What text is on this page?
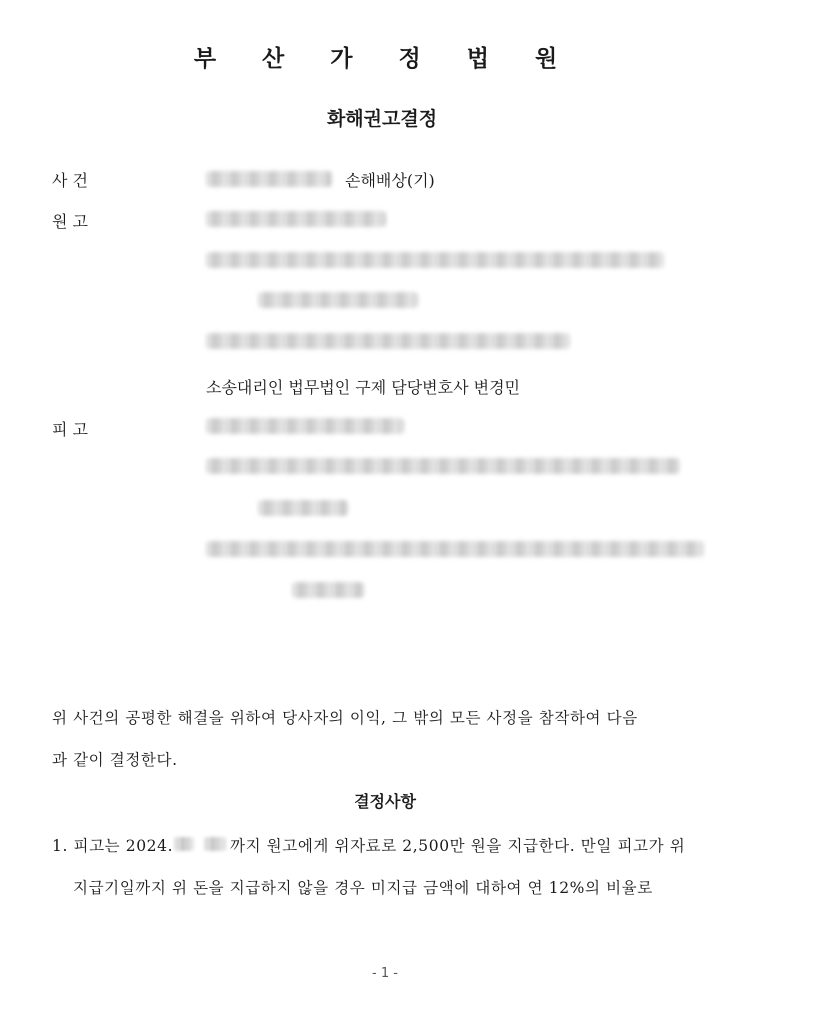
부 산 가 정 법 원
화해권고결정
사 건	손해배상(기)
원 고
소송대리인 법무법인 구제 담당변호사 변경민
피 고
위 사건의 공평한 해결을 위하여 당사자의 이익, 그 밖의 모든 사정을 참작하여 다음
과 같이 결정한다.
결정사항
1. 피고는 2024.	까지 원고에게 위자료로 2,500만 원을 지급한다. 만일 피고가 위
지급기일까지 위 돈을 지급하지 않을 경우 미지급 금액에 대하여 연 12%의 비율로
- 1 -
